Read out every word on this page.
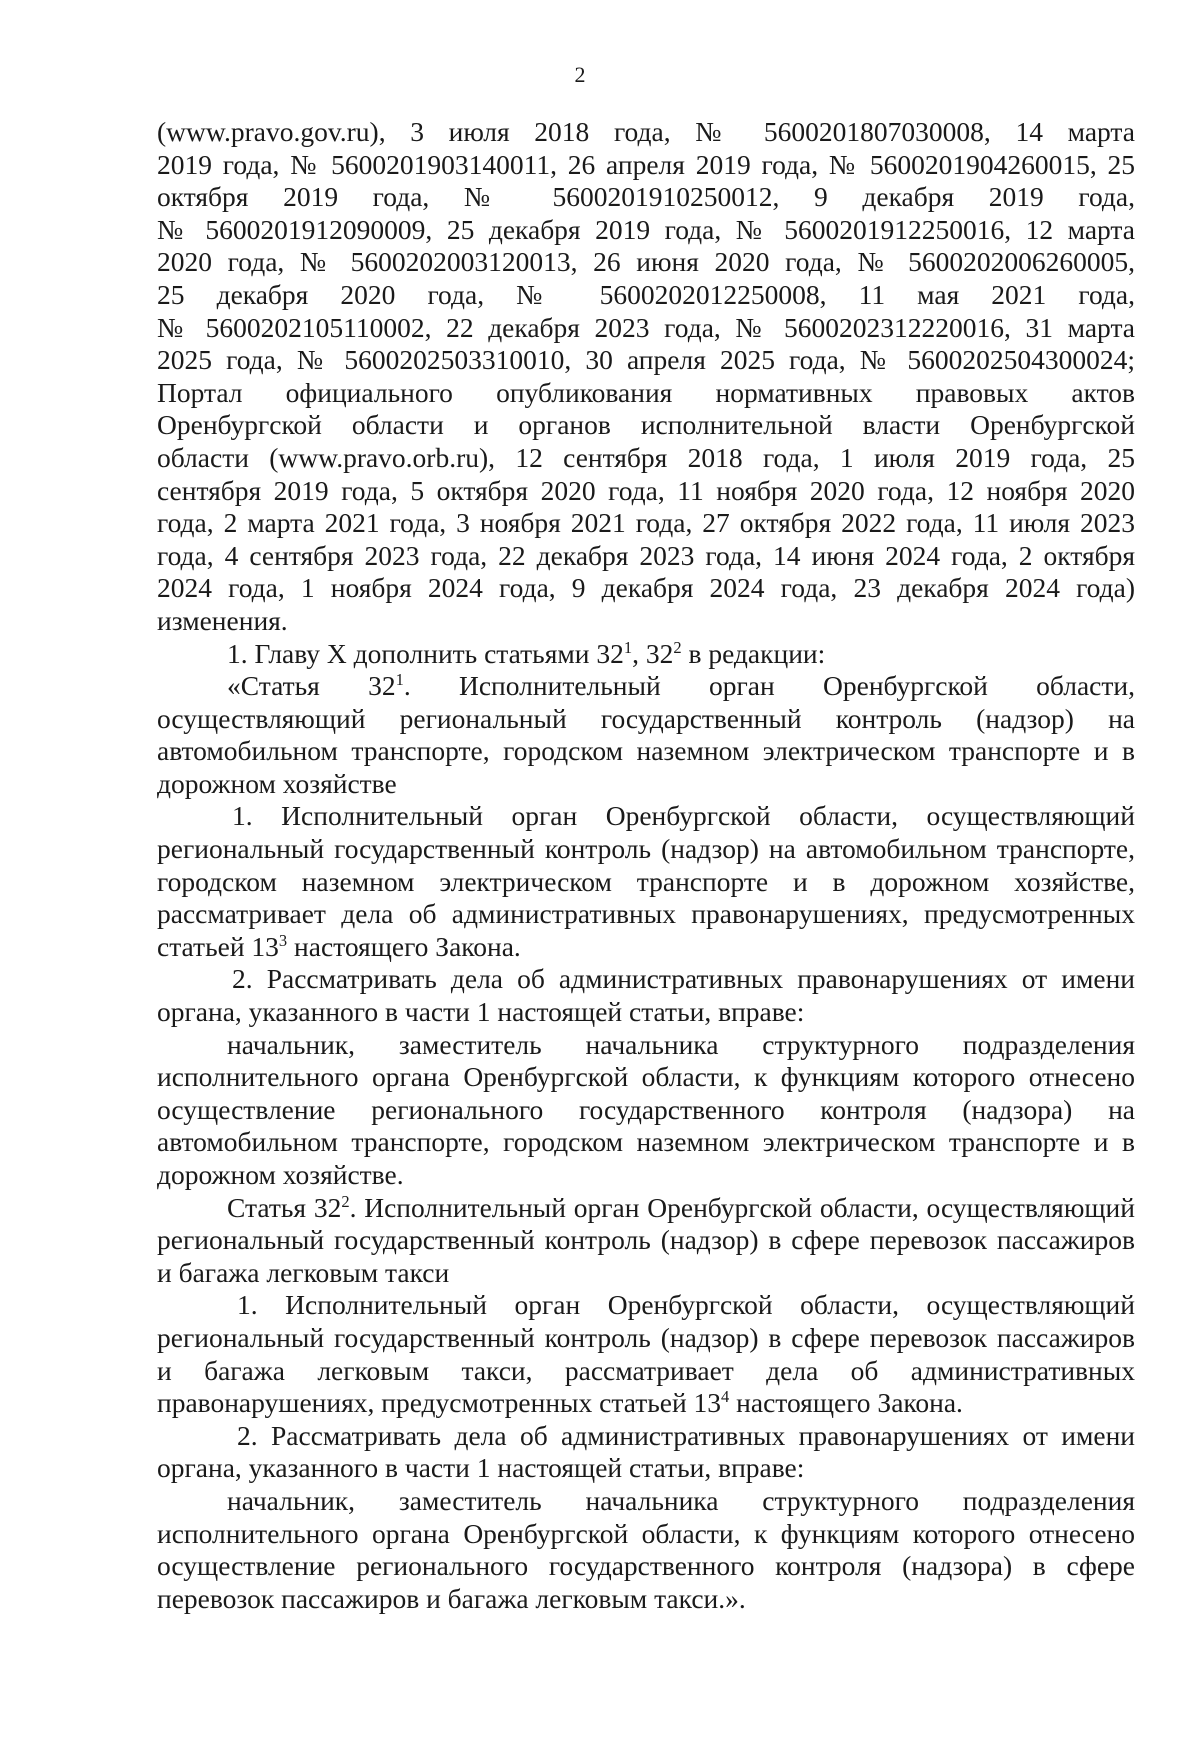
2

(www.pravo.gov.ru), 3 июля 2018 года, № 5600201807030008, 14 марта
2019 года, № 5600201903140011, 26 апреля 2019 года, № 5600201904260015, 25
октября 2019 года, № 5600201910250012, 9 декабря 2019 года,
№ 5600201912090009, 25 декабря 2019 года, № 5600201912250016, 12 марта
2020 года, № 5600202003120013, 26 июня 2020 года, № 5600202006260005,
25 декабря 2020 года, № 5600202012250008, 11 мая 2021 года,
№ 5600202105110002, 22 декабря 2023 года, № 5600202312220016, 31 марта
2025 года, № 5600202503310010, 30 апреля 2025 года, № 5600202504300024;
Портал официального опубликования нормативных правовых актов
Оренбургской области и органов исполнительной власти Оренбургской
области (www.pravo.orb.ru), 12 сентября 2018 года, 1 июля 2019 года, 25
сентября 2019 года, 5 октября 2020 года, 11 ноября 2020 года, 12 ноября 2020
года, 2 марта 2021 года, 3 ноября 2021 года, 27 октября 2022 года, 11 июля 2023
года, 4 сентября 2023 года, 22 декабря 2023 года, 14 июня 2024 года, 2 октября
2024 года, 1 ноября 2024 года, 9 декабря 2024 года, 23 декабря 2024 года)
изменения.

1. Главу X дополнить статьями $32^1$, $32^2$ в редакции:

«Статья $32^1$. Исполнительный орган Оренбургской области, осуществляющий региональный государственный контроль (надзор) на автомобильном транспорте, городском наземном электрическом транспорте и в дорожном хозяйстве

1. Исполнительный орган Оренбургской области, осуществляющий региональный государственный контроль (надзор) на автомобильном транспорте, городском наземном электрическом транспорте и в дорожном хозяйстве, рассматривает дела об административных правонарушениях, предусмотренных статьей $13^3$ настоящего Закона.

2. Рассматривать дела об административных правонарушениях от имени органа, указанного в части 1 настоящей статьи, вправе:

начальник, заместитель начальника структурного подразделения исполнительного органа Оренбургской области, к функциям которого отнесено осуществление регионального государственного контроля (надзора) на автомобильном транспорте, городском наземном электрическом транспорте и в дорожном хозяйстве.

Статья $32^2$. Исполнительный орган Оренбургской области, осуществляющий региональный государственный контроль (надзор) в сфере перевозок пассажиров и багажа легковым такси

1. Исполнительный орган Оренбургской области, осуществляющий региональный государственный контроль (надзор) в сфере перевозок пассажиров и багажа легковым такси, рассматривает дела об административных правонарушениях, предусмотренных статьей $13^4$ настоящего Закона.

2. Рассматривать дела об административных правонарушениях от имени органа, указанного в части 1 настоящей статьи, вправе:

начальник, заместитель начальника структурного подразделения исполнительного органа Оренбургской области, к функциям которого отнесено осуществление регионального государственного контроля (надзора) в сфере перевозок пассажиров и багажа легковым такси.».
